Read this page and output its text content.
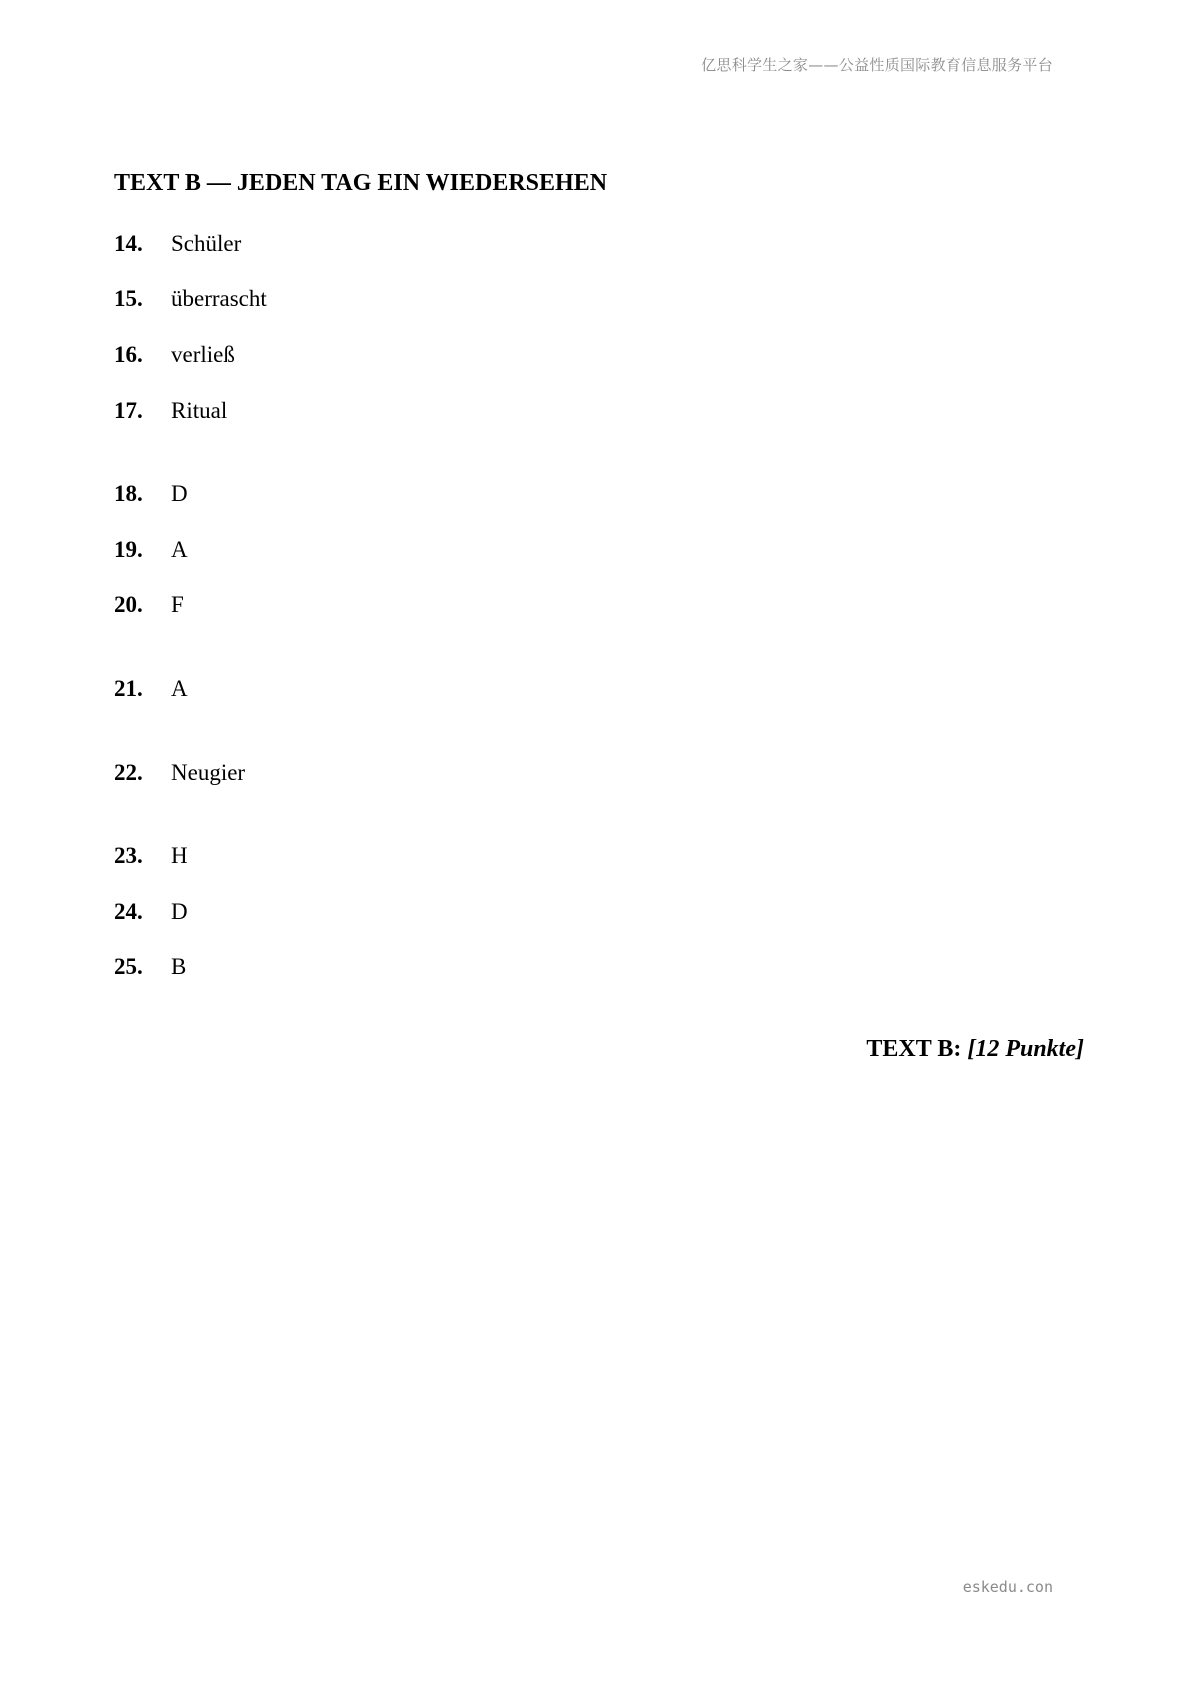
亿思科学生之家——公益性质国际教育信息服务平台
TEXT B — JEDEN TAG EIN WIEDERSEHEN
14. Schüler
15. überrascht
16. verließ
17. Ritual
18. D
19. A
20. F
21. A
22. Neugier
23. H
24. D
25. B
TEXT B: [12 Punkte]
eskedu.con
